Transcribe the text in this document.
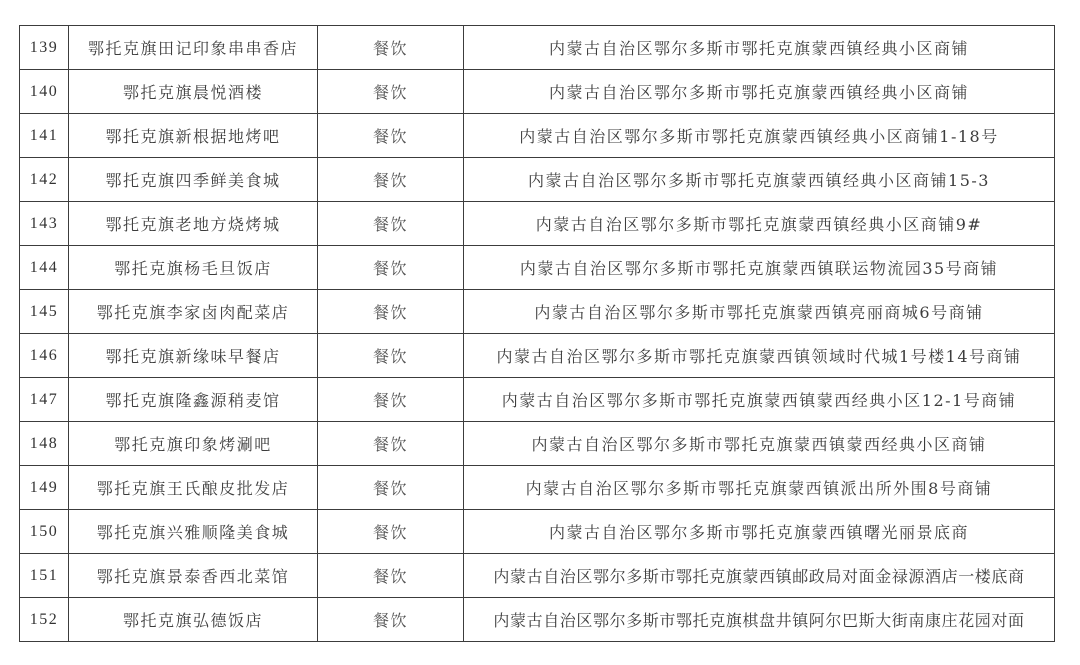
139	鄂托克旗田记印象串串香店	餐饮	内蒙古自治区鄂尔多斯市鄂托克旗蒙西镇经典小区商铺
140	鄂托克旗晨悦酒楼	餐饮	内蒙古自治区鄂尔多斯市鄂托克旗蒙西镇经典小区商铺
141	鄂托克旗新根据地烤吧	餐饮	内蒙古自治区鄂尔多斯市鄂托克旗蒙西镇经典小区商铺1-18号
142	鄂托克旗四季鲜美食城	餐饮	内蒙古自治区鄂尔多斯市鄂托克旗蒙西镇经典小区商铺15-3
143	鄂托克旗老地方烧烤城	餐饮	内蒙古自治区鄂尔多斯市鄂托克旗蒙西镇经典小区商铺9#
144	鄂托克旗杨毛旦饭店	餐饮	内蒙古自治区鄂尔多斯市鄂托克旗蒙西镇联运物流园35号商铺
145	鄂托克旗李家卤肉配菜店	餐饮	内蒙古自治区鄂尔多斯市鄂托克旗蒙西镇亮丽商城6号商铺
146	鄂托克旗新缘味早餐店	餐饮	内蒙古自治区鄂尔多斯市鄂托克旗蒙西镇领域时代城1号楼14号商铺
147	鄂托克旗隆鑫源稍麦馆	餐饮	内蒙古自治区鄂尔多斯市鄂托克旗蒙西镇蒙西经典小区12-1号商铺
148	鄂托克旗印象烤涮吧	餐饮	内蒙古自治区鄂尔多斯市鄂托克旗蒙西镇蒙西经典小区商铺
149	鄂托克旗王氏酿皮批发店	餐饮	内蒙古自治区鄂尔多斯市鄂托克旗蒙西镇派出所外围8号商铺
150	鄂托克旗兴雅顺隆美食城	餐饮	内蒙古自治区鄂尔多斯市鄂托克旗蒙西镇曙光丽景底商
151	鄂托克旗景泰香西北菜馆	餐饮	内蒙古自治区鄂尔多斯市鄂托克旗蒙西镇邮政局对面金禄源酒店一楼底商
152	鄂托克旗弘德饭店	餐饮	内蒙古自治区鄂尔多斯市鄂托克旗棋盘井镇阿尔巴斯大街南康庄花园对面
